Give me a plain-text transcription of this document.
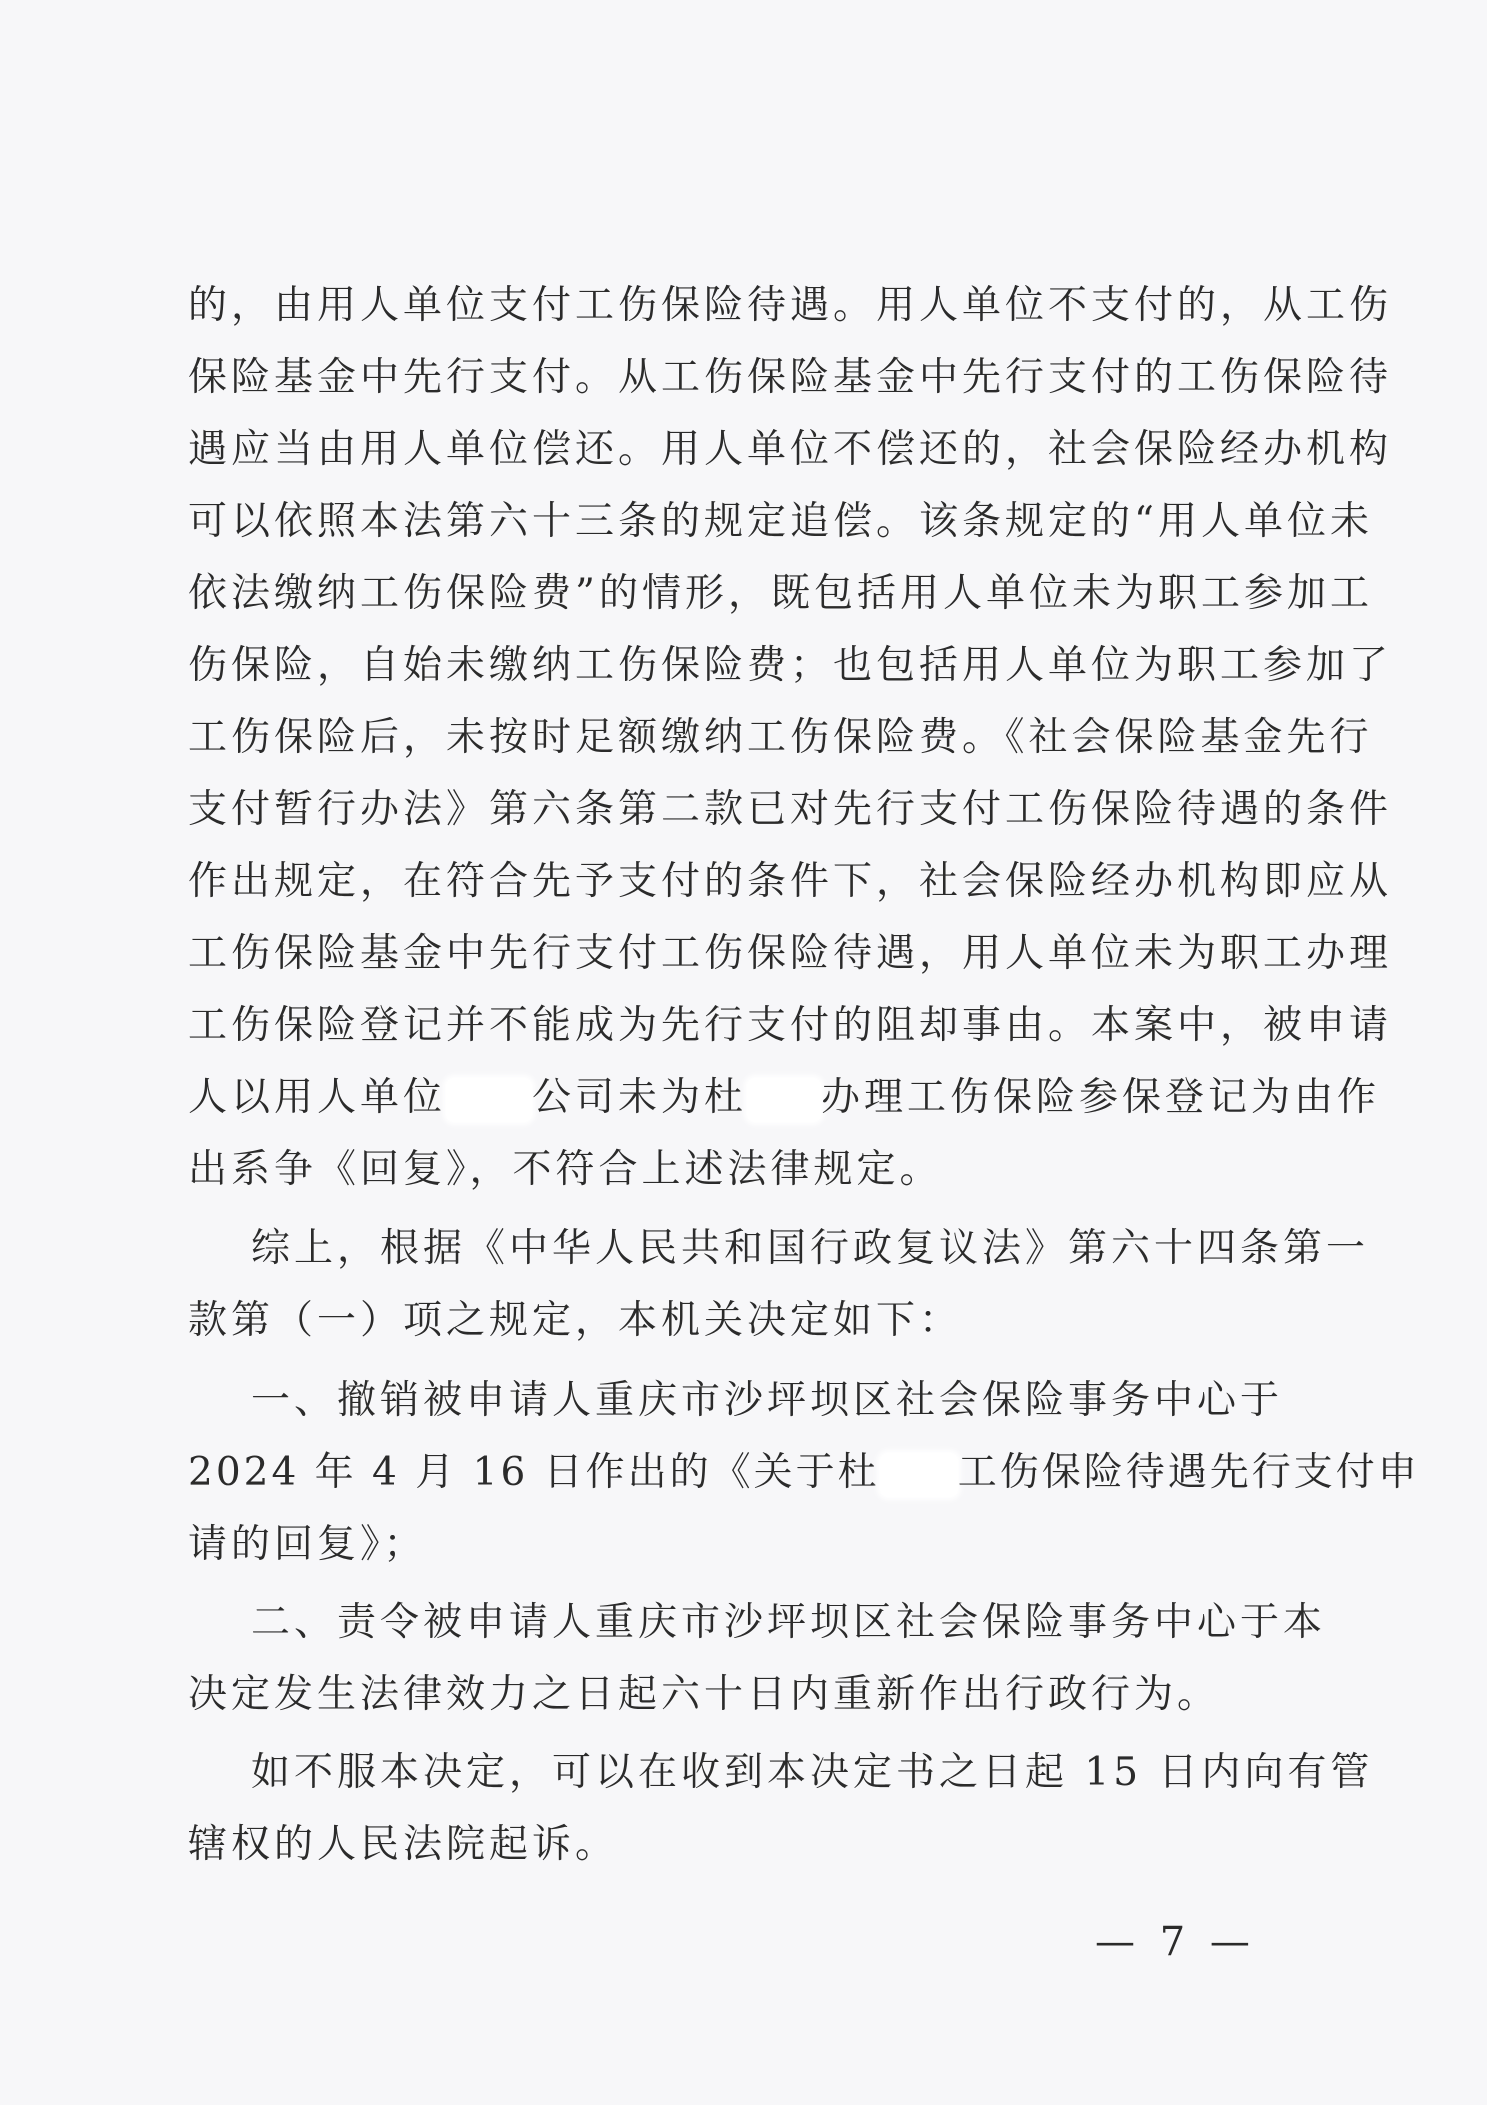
的，由用人单位支付工伤保险待遇。用人单位不支付的，从工伤
保险基金中先行支付。从工伤保险基金中先行支付的工伤保险待
遇应当由用人单位偿还。用人单位不偿还的，社会保险经办机构
可以依照本法第六十三条的规定追偿。该条规定的“用人单位未
依法缴纳工伤保险费”的情形，既包括用人单位未为职工参加工
伤保险，自始未缴纳工伤保险费；也包括用人单位为职工参加了
工伤保险后，未按时足额缴纳工伤保险费。《社会保险基金先行
支付暂行办法》第六条第二款已对先行支付工伤保险待遇的条件
作出规定，在符合先予支付的条件下，社会保险经办机构即应从
工伤保险基金中先行支付工伤保险待遇，用人单位未为职工办理
工伤保险登记并不能成为先行支付的阻却事由。本案中，被申请
人以用人单位 公司未为杜 办理工伤保险参保登记为由作
出系争《回复》，不符合上述法律规定。
综上，根据《中华人民共和国行政复议法》第六十四条第一
款第（一）项之规定，本机关决定如下：
一、撤销被申请人重庆市沙坪坝区社会保险事务中心于
2024 年 4 月 16 日作出的《关于杜 工伤保险待遇先行支付申
请的回复》；
二、责令被申请人重庆市沙坪坝区社会保险事务中心于本
决定发生法律效力之日起六十日内重新作出行政行为。
如不服本决定，可以在收到本决定书之日起 15 日内向有管
辖权的人民法院起诉。
— 7 —
